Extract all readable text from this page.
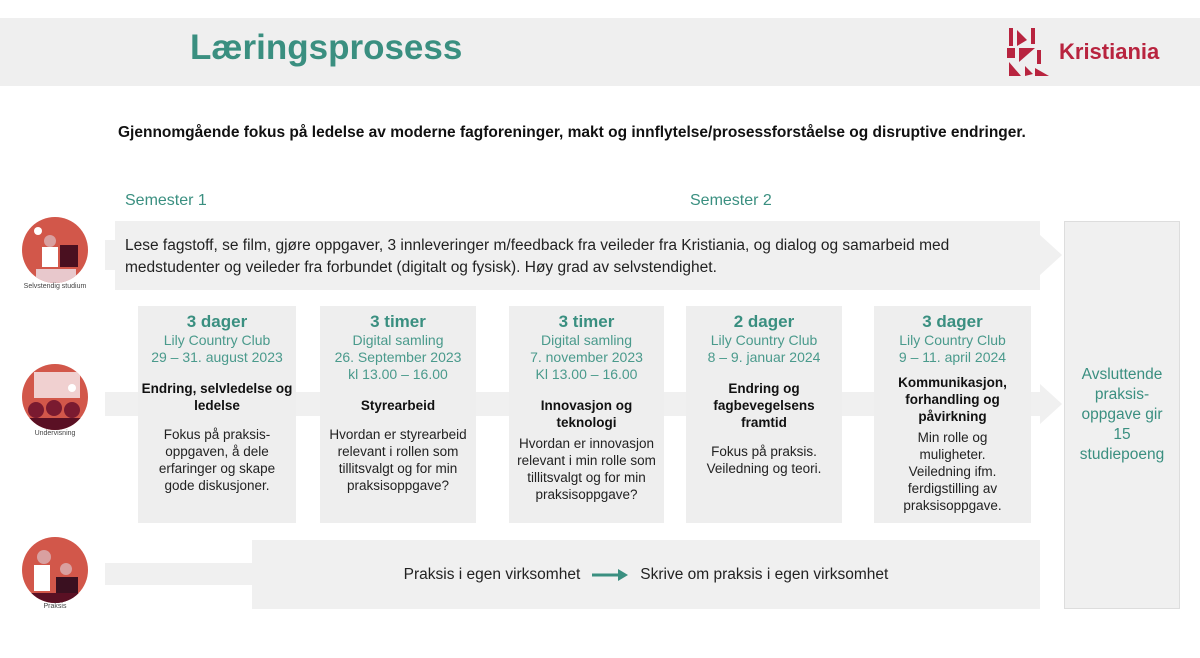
Læringsprosess	Kristiania
Gjennomgående fokus på ledelse av moderne fagforeninger, makt og innflytelse/prosessforståelse og disruptive endringer.
Semester 1	Semester 2
Lese fagstoff, se film, gjøre oppgaver, 3 innleveringer m/feedback fra veileder fra Kristiania, og dialog og samarbeid med medstudenter og veileder fra forbundet (digitalt og fysisk). Høy grad av selvstendighet.
Praksis i egen virksomhet	Skrive om praksis i egen virksomhet
Avsluttende praksis-oppgave gir 15 studiepoeng
Selvstendig studium
Undervisning
Praksis
3 dager
Lily Country Club
29 – 31. august 2023
Endring, selvledelse og ledelse
Fokus på praksis-oppgaven, å dele erfaringer og skape gode diskusjoner.
3 timer
Digital samling
26. September 2023
kl 13.00 – 16.00
Styrearbeid
Hvordan er styrearbeid relevant i rollen som tillitsvalgt og for min praksisoppgave?
3 timer
Digital samling
7. november 2023
Kl 13.00 – 16.00
Innovasjon og teknologi
Hvordan er innovasjon relevant i min rolle som tillitsvalgt og for min praksisoppgave?
2 dager
Lily Country Club
8 – 9. januar 2024
Endring og fagbevegelsens framtid
Fokus på praksis. Veiledning og teori.
3 dager
Lily Country Club
9 – 11. april 2024
Kommunikasjon, forhandling og påvirkning
Min rolle og muligheter. Veiledning ifm. ferdigstilling av praksisoppgave.
